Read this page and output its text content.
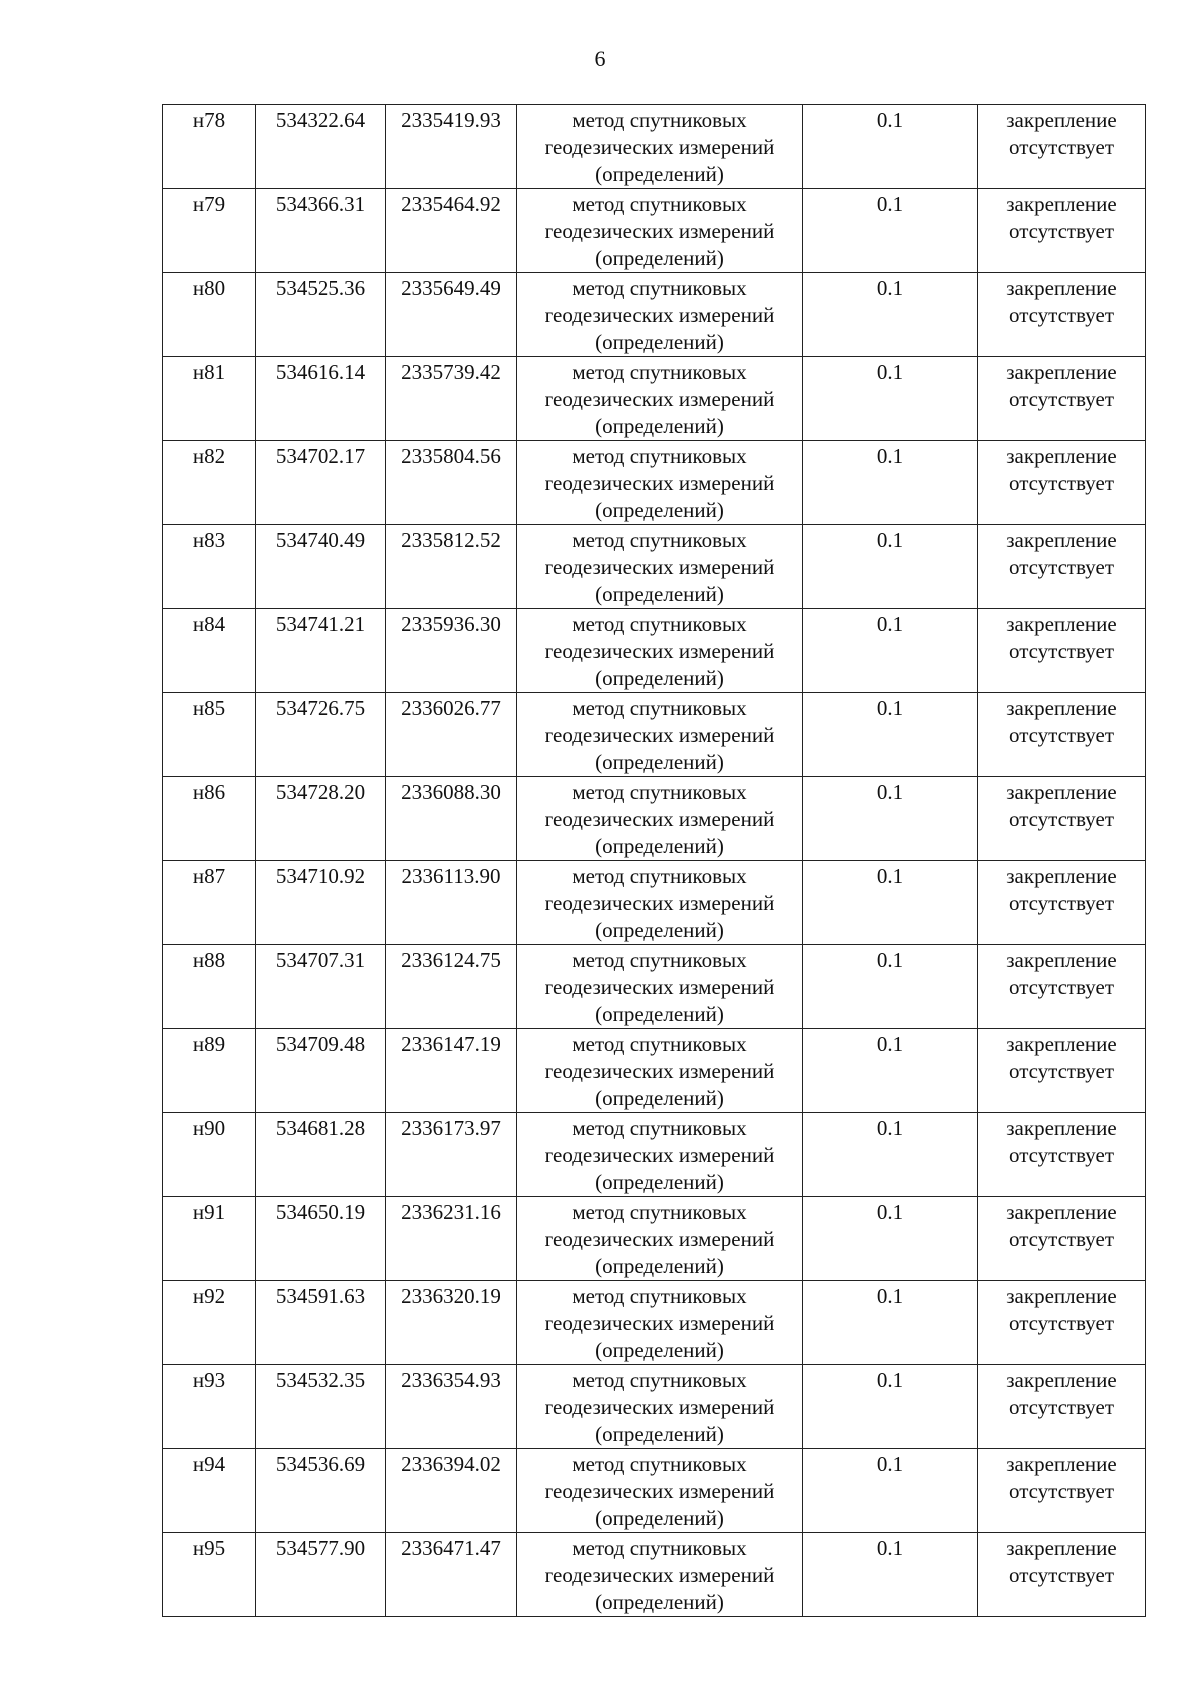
6
н78	534322.64	2335419.93	метод спутниковых геодезических измерений (определений)	0.1	закрепление отсутствует
н79	534366.31	2335464.92	метод спутниковых геодезических измерений (определений)	0.1	закрепление отсутствует
н80	534525.36	2335649.49	метод спутниковых геодезических измерений (определений)	0.1	закрепление отсутствует
н81	534616.14	2335739.42	метод спутниковых геодезических измерений (определений)	0.1	закрепление отсутствует
н82	534702.17	2335804.56	метод спутниковых геодезических измерений (определений)	0.1	закрепление отсутствует
н83	534740.49	2335812.52	метод спутниковых геодезических измерений (определений)	0.1	закрепление отсутствует
н84	534741.21	2335936.30	метод спутниковых геодезических измерений (определений)	0.1	закрепление отсутствует
н85	534726.75	2336026.77	метод спутниковых геодезических измерений (определений)	0.1	закрепление отсутствует
н86	534728.20	2336088.30	метод спутниковых геодезических измерений (определений)	0.1	закрепление отсутствует
н87	534710.92	2336113.90	метод спутниковых геодезических измерений (определений)	0.1	закрепление отсутствует
н88	534707.31	2336124.75	метод спутниковых геодезических измерений (определений)	0.1	закрепление отсутствует
н89	534709.48	2336147.19	метод спутниковых геодезических измерений (определений)	0.1	закрепление отсутствует
н90	534681.28	2336173.97	метод спутниковых геодезических измерений (определений)	0.1	закрепление отсутствует
н91	534650.19	2336231.16	метод спутниковых геодезических измерений (определений)	0.1	закрепление отсутствует
н92	534591.63	2336320.19	метод спутниковых геодезических измерений (определений)	0.1	закрепление отсутствует
н93	534532.35	2336354.93	метод спутниковых геодезических измерений (определений)	0.1	закрепление отсутствует
н94	534536.69	2336394.02	метод спутниковых геодезических измерений (определений)	0.1	закрепление отсутствует
н95	534577.90	2336471.47	метод спутниковых геодезических измерений (определений)	0.1	закрепление отсутствует
